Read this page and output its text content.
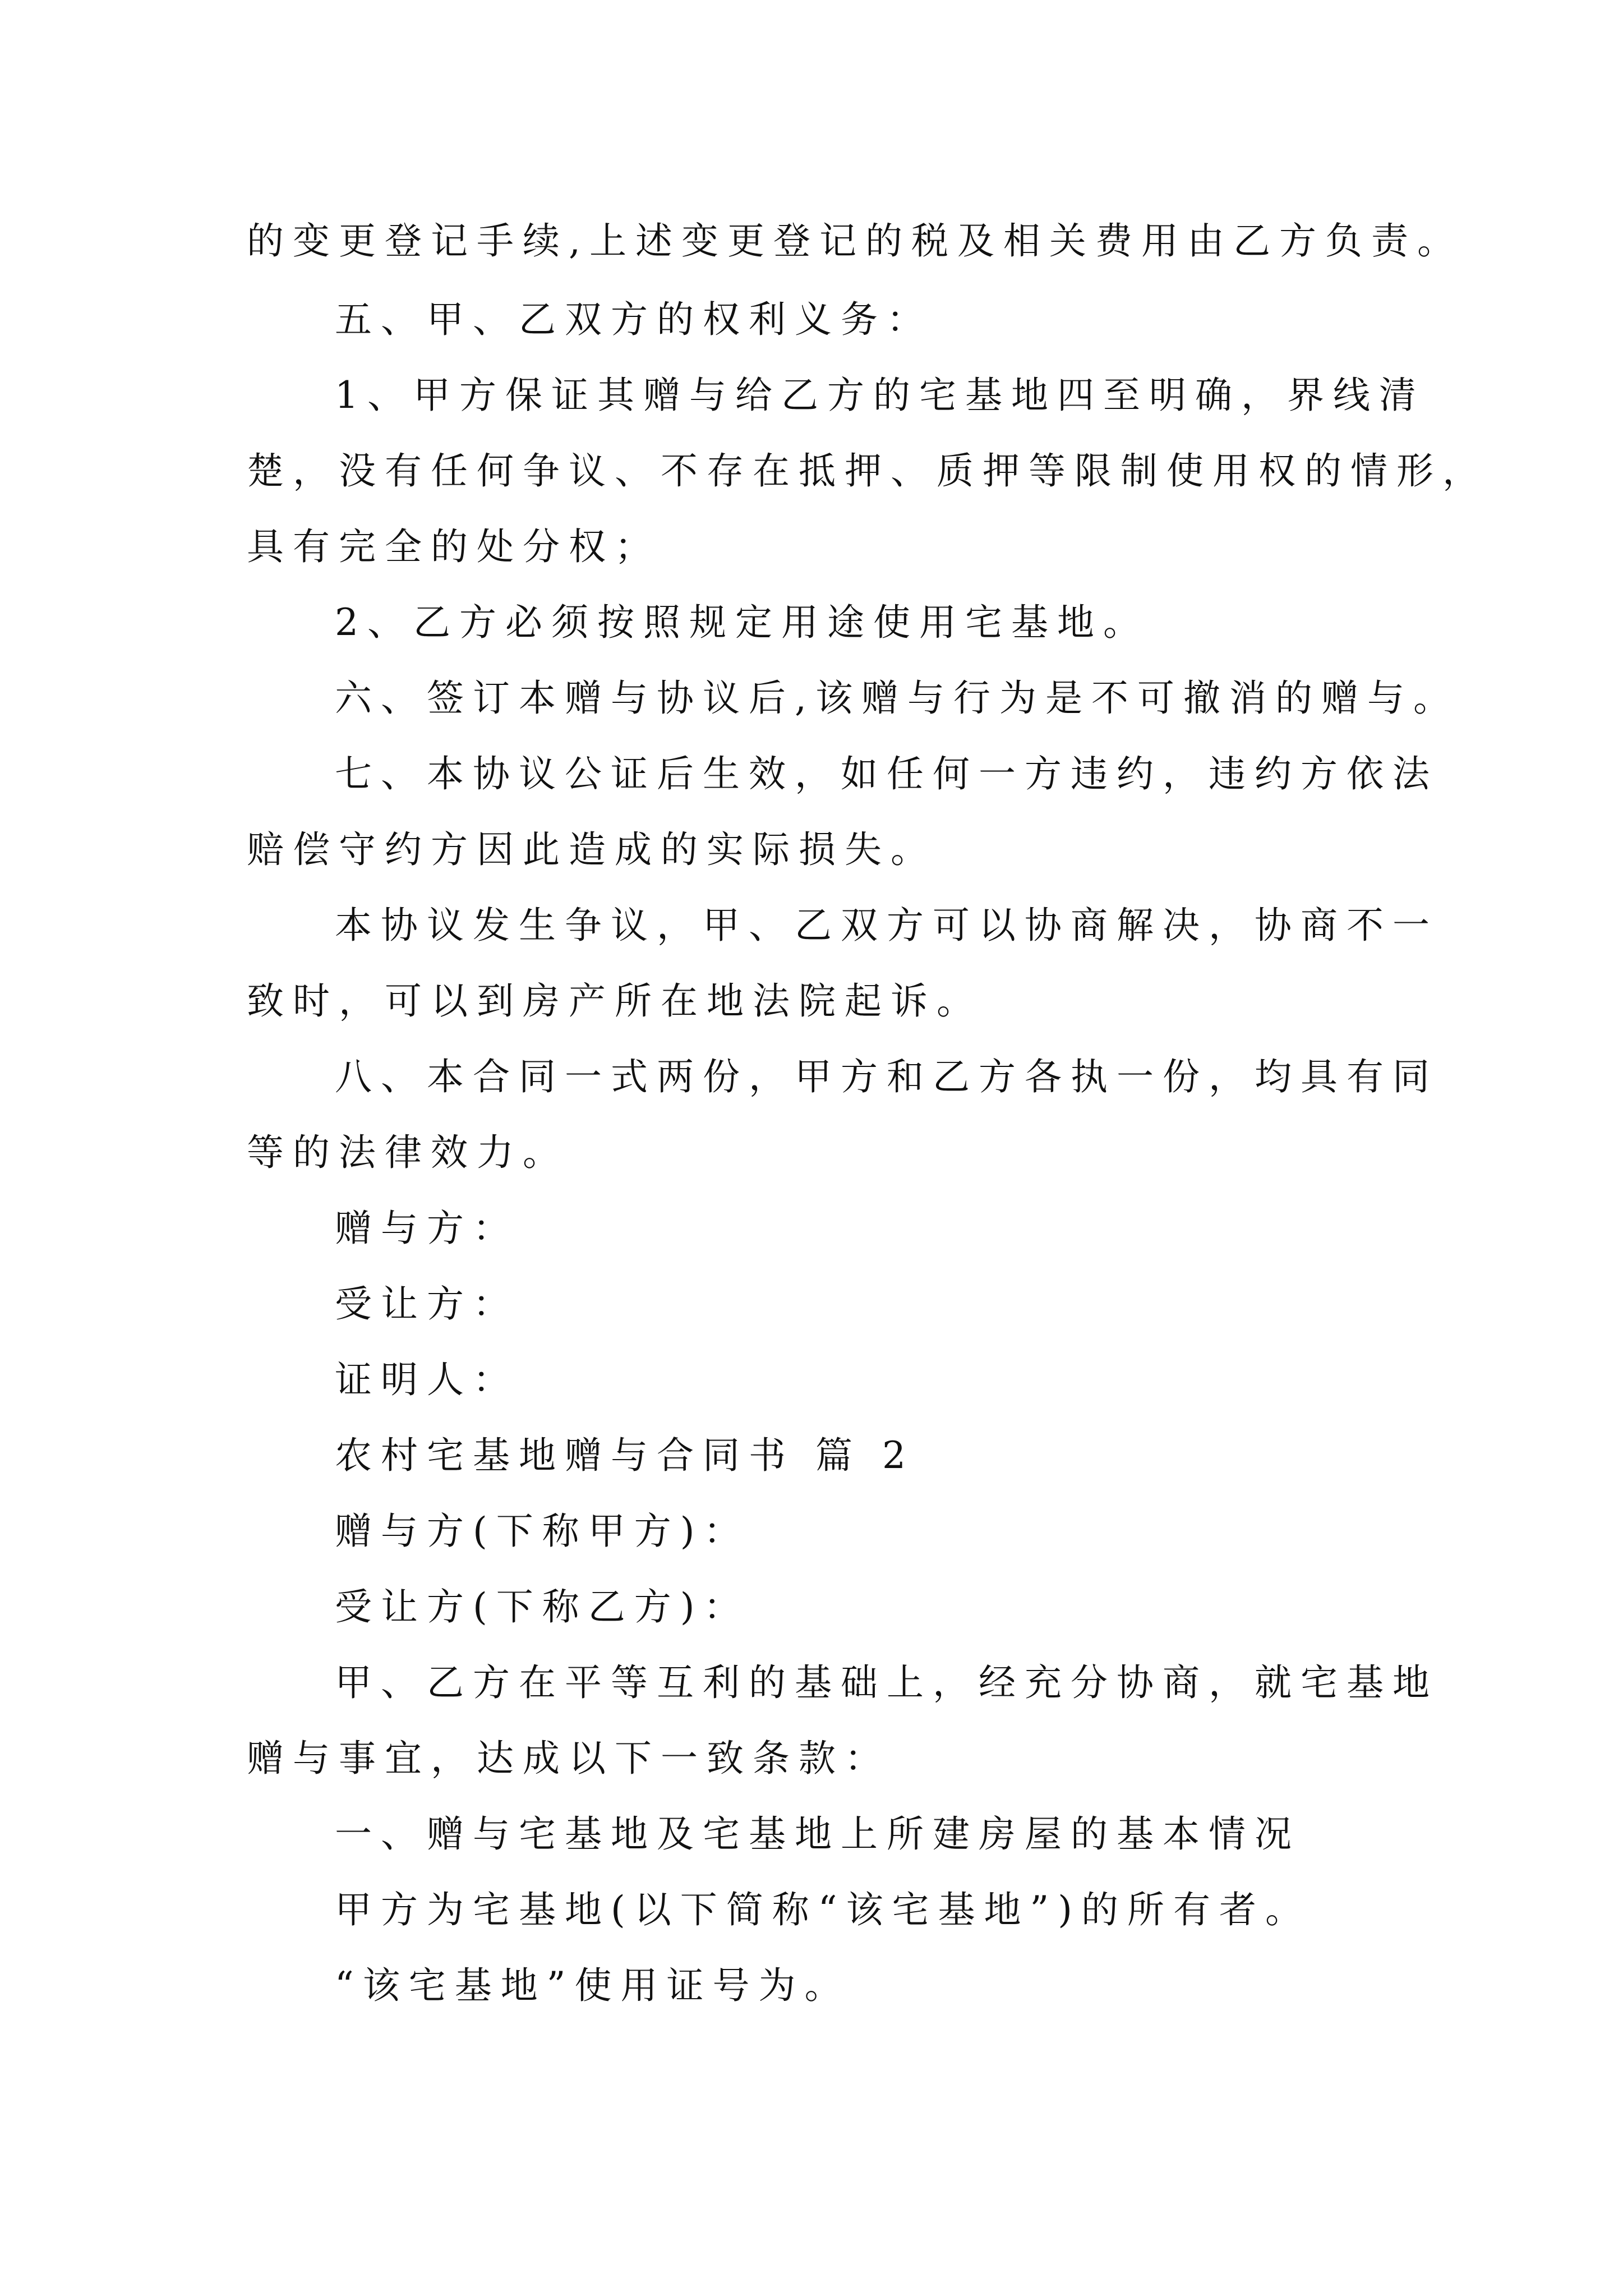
的变更登记手续,上述变更登记的税及相关费用由乙方负责。

五、甲、乙双方的权利义务：

1、甲方保证其赠与给乙方的宅基地四至明确，界线清

楚，没有任何争议、不存在抵押、质押等限制使用权的情形，

具有完全的处分权；

2、乙方必须按照规定用途使用宅基地。

六、签订本赠与协议后,该赠与行为是不可撤消的赠与。

七、本协议公证后生效，如任何一方违约，违约方依法

赔偿守约方因此造成的实际损失。

本协议发生争议，甲、乙双方可以协商解决，协商不一

致时，可以到房产所在地法院起诉。

八、本合同一式两份，甲方和乙方各执一份，均具有同

等的法律效力。

赠与方：

受让方：

证明人：

农村宅基地赠与合同书 篇 2

赠与方(下称甲方)：

受让方(下称乙方)：

甲、乙方在平等互利的基础上，经充分协商，就宅基地

赠与事宜，达成以下一致条款：

一、赠与宅基地及宅基地上所建房屋的基本情况

甲方为宅基地(以下简称“该宅基地”)的所有者。

“该宅基地”使用证号为。
